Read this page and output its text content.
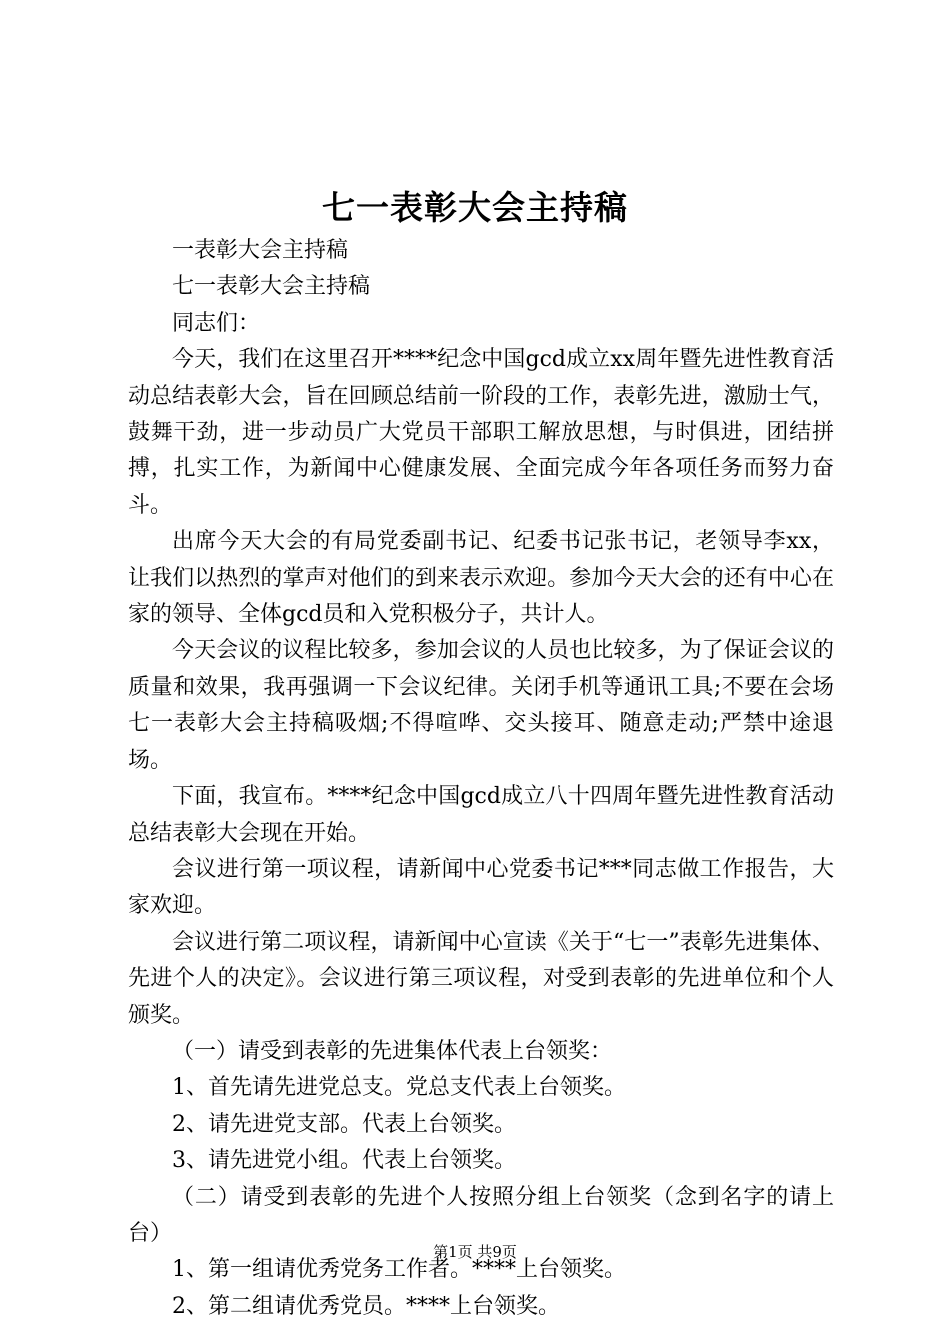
七一表彰大会主持稿

一表彰大会主持稿

七一表彰大会主持稿

同志们：

今天，我们在这里召开****纪念中国gcd成立xx周年暨先进性教育活动总结表彰大会，旨在回顾总结前一阶段的工作，表彰先进，激励士气，鼓舞干劲，进一步动员广大党员干部职工解放思想，与时俱进，团结拼搏，扎实工作，为新闻中心健康发展、全面完成今年各项任务而努力奋斗。

出席今天大会的有局党委副书记、纪委书记张书记，老领导李xx，让我们以热烈的掌声对他们的到来表示欢迎。参加今天大会的还有中心在家的领导、全体gcd员和入党积极分子，共计人。

今天会议的议程比较多，参加会议的人员也比较多，为了保证会议的质量和效果，我再强调一下会议纪律。关闭手机等通讯工具;不要在会场七一表彰大会主持稿吸烟;不得喧哗、交头接耳、随意走动;严禁中途退场。

下面，我宣布。****纪念中国gcd成立八十四周年暨先进性教育活动总结表彰大会现在开始。

会议进行第一项议程，请新闻中心党委书记***同志做工作报告，大家欢迎。

会议进行第二项议程，请新闻中心宣读《关于“七一”表彰先进集体、先进个人的决定》。会议进行第三项议程，对受到表彰的先进单位和个人颁奖。

（一）请受到表彰的先进集体代表上台领奖：

1、首先请先进党总支。党总支代表上台领奖。

2、请先进党支部。代表上台领奖。

3、请先进党小组。代表上台领奖。

（二）请受到表彰的先进个人按照分组上台领奖（念到名字的请上台）

1、第一组请优秀党务工作者。****上台领奖。

2、第二组请优秀党员。****上台领奖。

第1页 共9页
